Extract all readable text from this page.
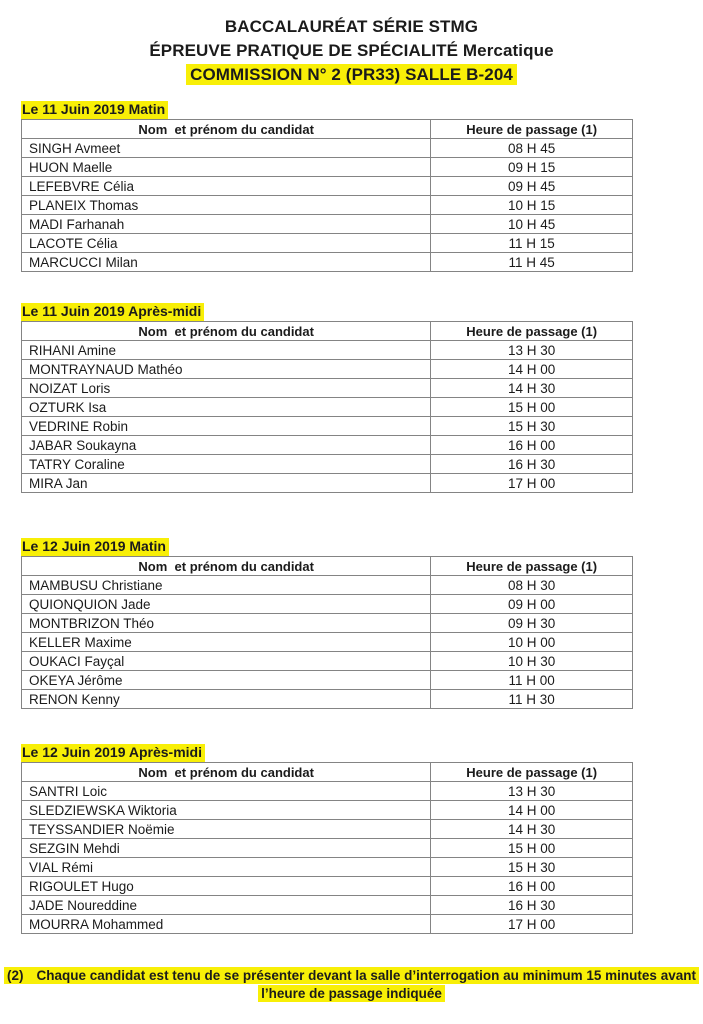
BACCALAURÉAT SÉRIE STMG
ÉPREUVE PRATIQUE DE SPÉCIALITÉ Mercatique
COMMISSION N° 2 (PR33) SALLE B-204
Le 11 Juin 2019 Matin
Nom  et prénom du candidat	Heure de passage (1)
SINGH Avmeet	08 H 45
HUON Maelle	09 H 15
LEFEBVRE Célia	09 H 45
PLANEIX Thomas	10 H 15
MADI Farhanah	10 H 45
LACOTE Célia	11 H 15
MARCUCCI Milan	11 H 45
Le 11 Juin 2019 Après-midi
Nom  et prénom du candidat	Heure de passage (1)
RIHANI Amine	13 H 30
MONTRAYNAUD Mathéo	14 H 00
NOIZAT Loris	14 H 30
OZTURK Isa	15 H 00
VEDRINE Robin	15 H 30
JABAR Soukayna	16 H 00
TATRY Coraline	16 H 30
MIRA Jan	17 H 00
Le 12 Juin 2019 Matin
Nom  et prénom du candidat	Heure de passage (1)
MAMBUSU Christiane	08 H 30
QUIONQUION Jade	09 H 00
MONTBRIZON Théo	09 H 30
KELLER Maxime	10 H 00
OUKACI Fayçal	10 H 30
OKEYA Jérôme	11 H 00
RENON Kenny	11 H 30
Le 12 Juin 2019 Après-midi
Nom  et prénom du candidat	Heure de passage (1)
SANTRI Loic	13 H 30
SLEDZIEWSKA Wiktoria	14 H 00
TEYSSANDIER Noëmie	14 H 30
SEZGIN Mehdi	15 H 00
VIAL Rémi	15 H 30
RIGOULET Hugo	16 H 00
JADE Noureddine	16 H 30
MOURRA Mohammed	17 H 00
(2) Chaque candidat est tenu de se présenter devant la salle d’interrogation au minimum 15 minutes avant
l’heure de passage indiquée
